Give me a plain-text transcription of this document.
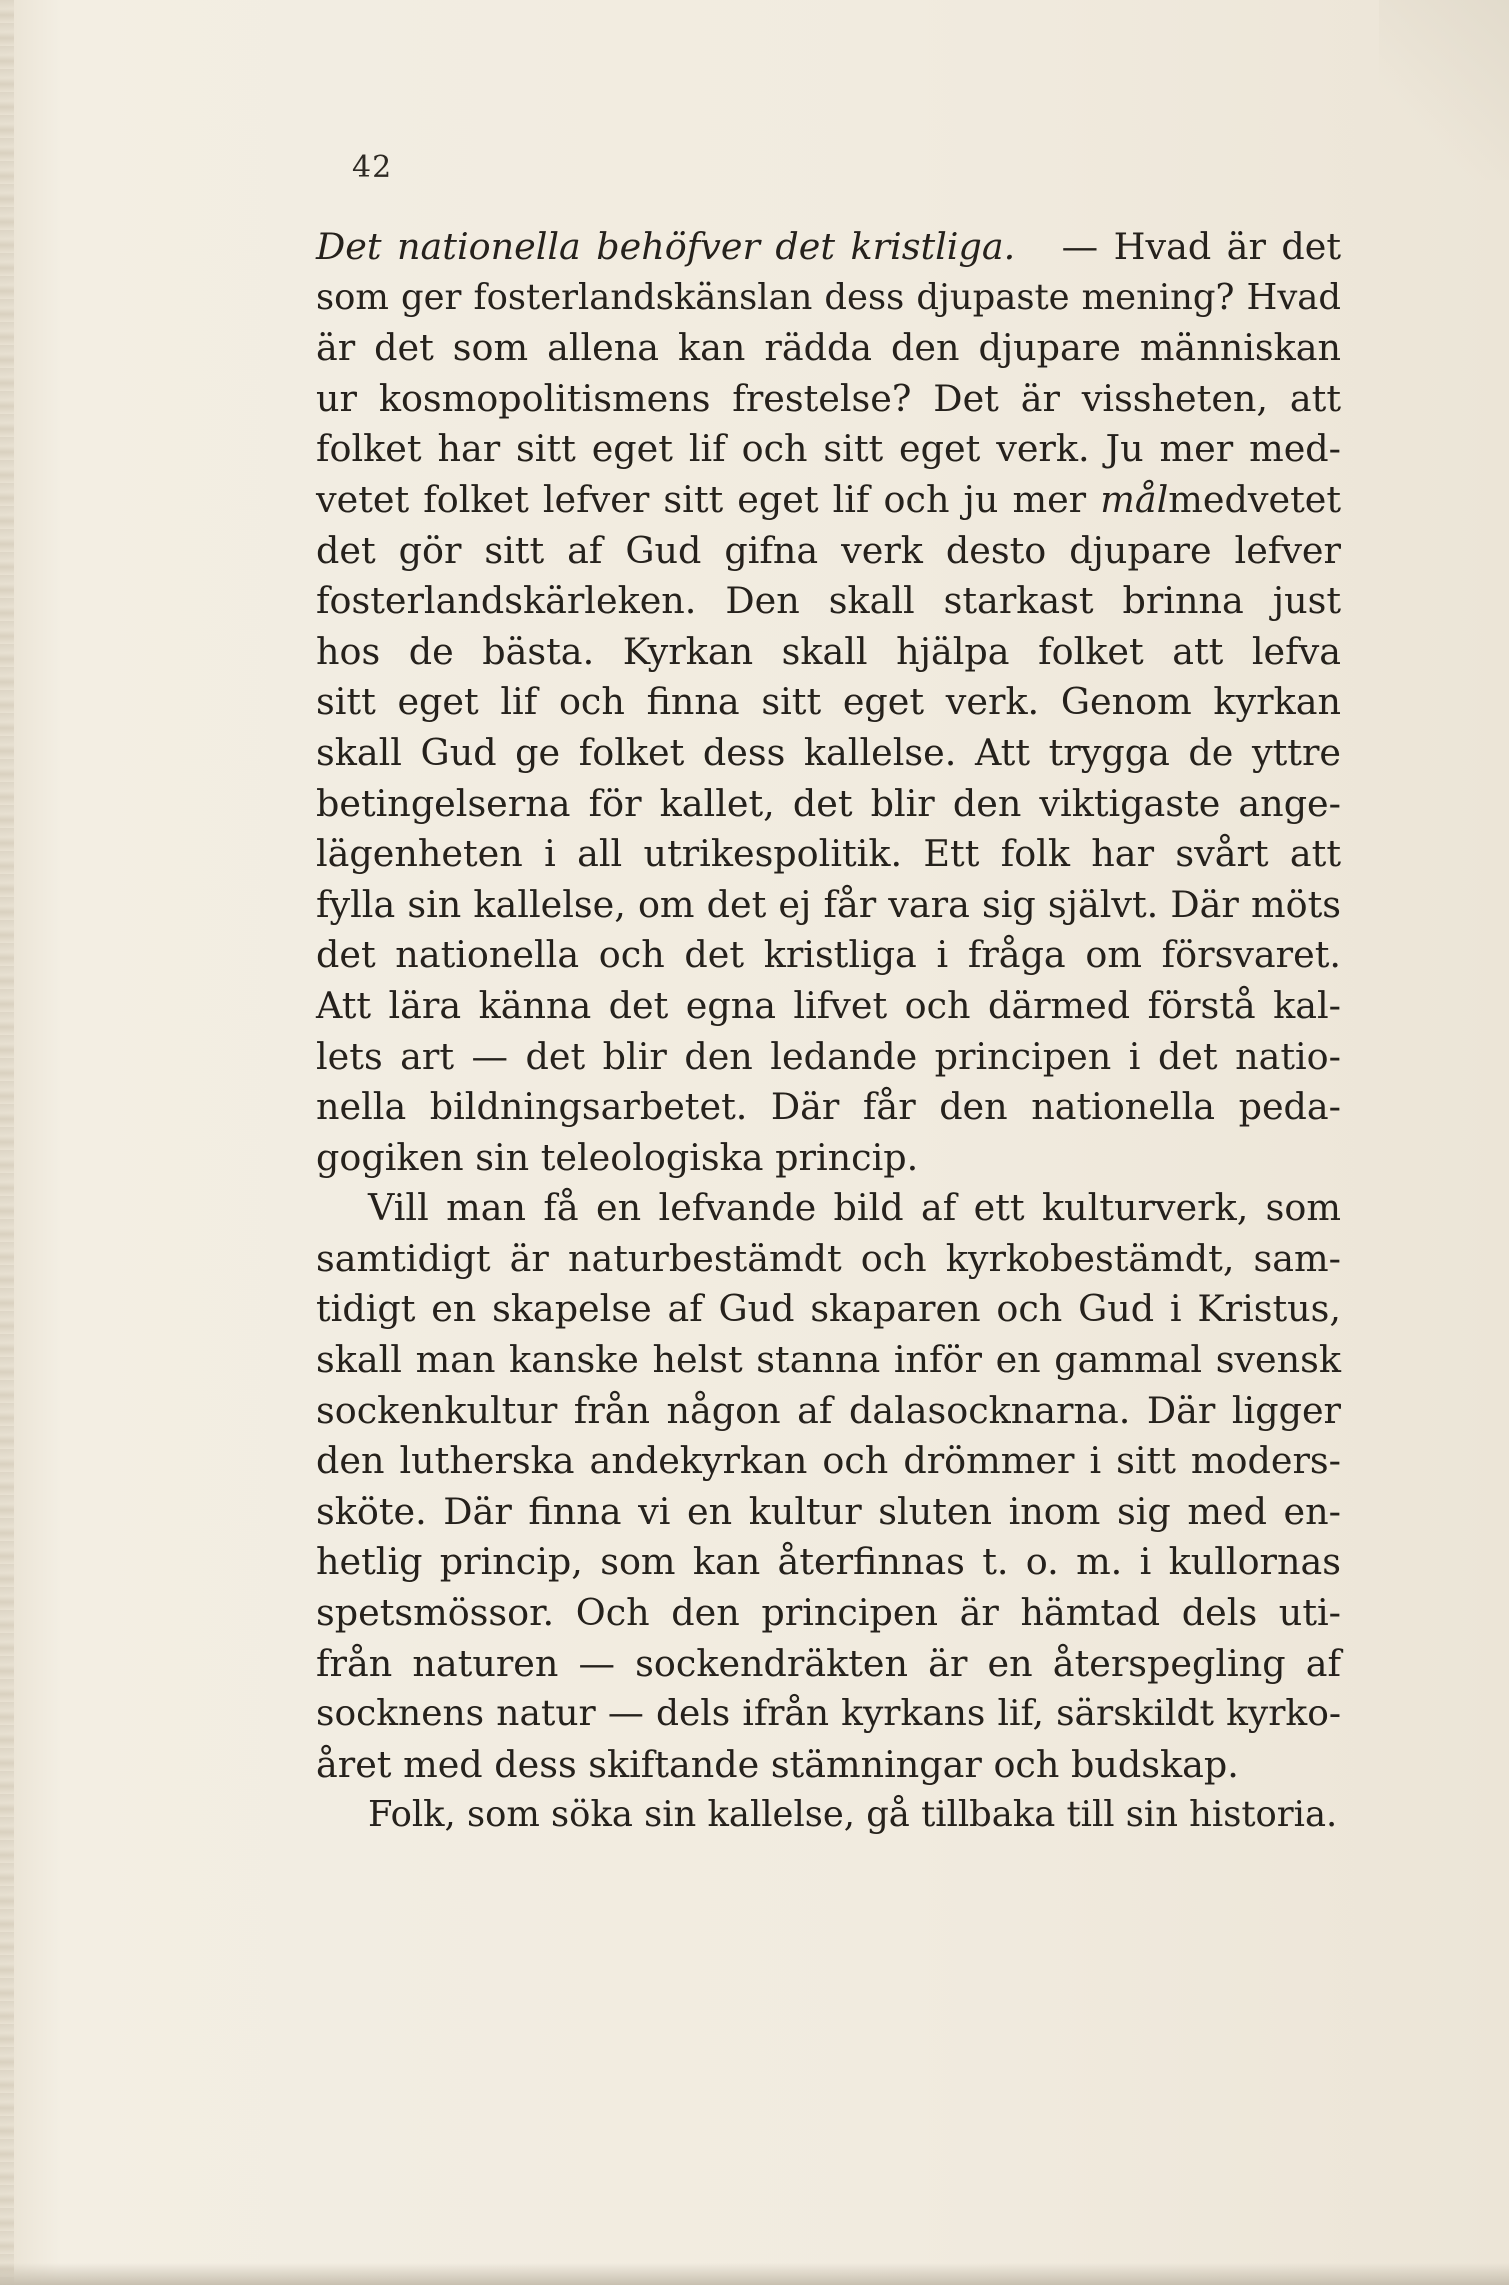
42
Det nationella behöfver det kristliga. — Hvad är det
som ger fosterlandskänslan dess djupaste mening? Hvad
är det som allena kan rädda den djupare människan
ur kosmopolitismens frestelse? Det är vissheten, att
folket har sitt eget lif och sitt eget verk. Ju mer med-
vetet folket lefver sitt eget lif och ju mer målmedvetet
det gör sitt af Gud gifna verk desto djupare lefver
fosterlandskärleken. Den skall starkast brinna just
hos de bästa. Kyrkan skall hjälpa folket att lefva
sitt eget lif och finna sitt eget verk. Genom kyrkan
skall Gud ge folket dess kallelse. Att trygga de yttre
betingelserna för kallet, det blir den viktigaste ange-
lägenheten i all utrikespolitik. Ett folk har svårt att
fylla sin kallelse, om det ej får vara sig självt. Där möts
det nationella och det kristliga i fråga om försvaret.
Att lära känna det egna lifvet och därmed förstå kal-
lets art — det blir den ledande principen i det natio-
nella bildningsarbetet. Där får den nationella peda-
gogiken sin teleologiska princip.
Vill man få en lefvande bild af ett kulturverk, som
samtidigt är naturbestämdt och kyrkobestämdt, sam-
tidigt en skapelse af Gud skaparen och Gud i Kristus,
skall man kanske helst stanna inför en gammal svensk
sockenkultur från någon af dalasocknarna. Där ligger
den lutherska andekyrkan och drömmer i sitt moders-
sköte. Där finna vi en kultur sluten inom sig med en-
hetlig princip, som kan återfinnas t. o. m. i kullornas
spetsmössor. Och den principen är hämtad dels uti-
från naturen — sockendräkten är en återspegling af
socknens natur — dels ifrån kyrkans lif, särskildt kyrko-
året med dess skiftande stämningar och budskap.
Folk, som söka sin kallelse, gå tillbaka till sin historia.
